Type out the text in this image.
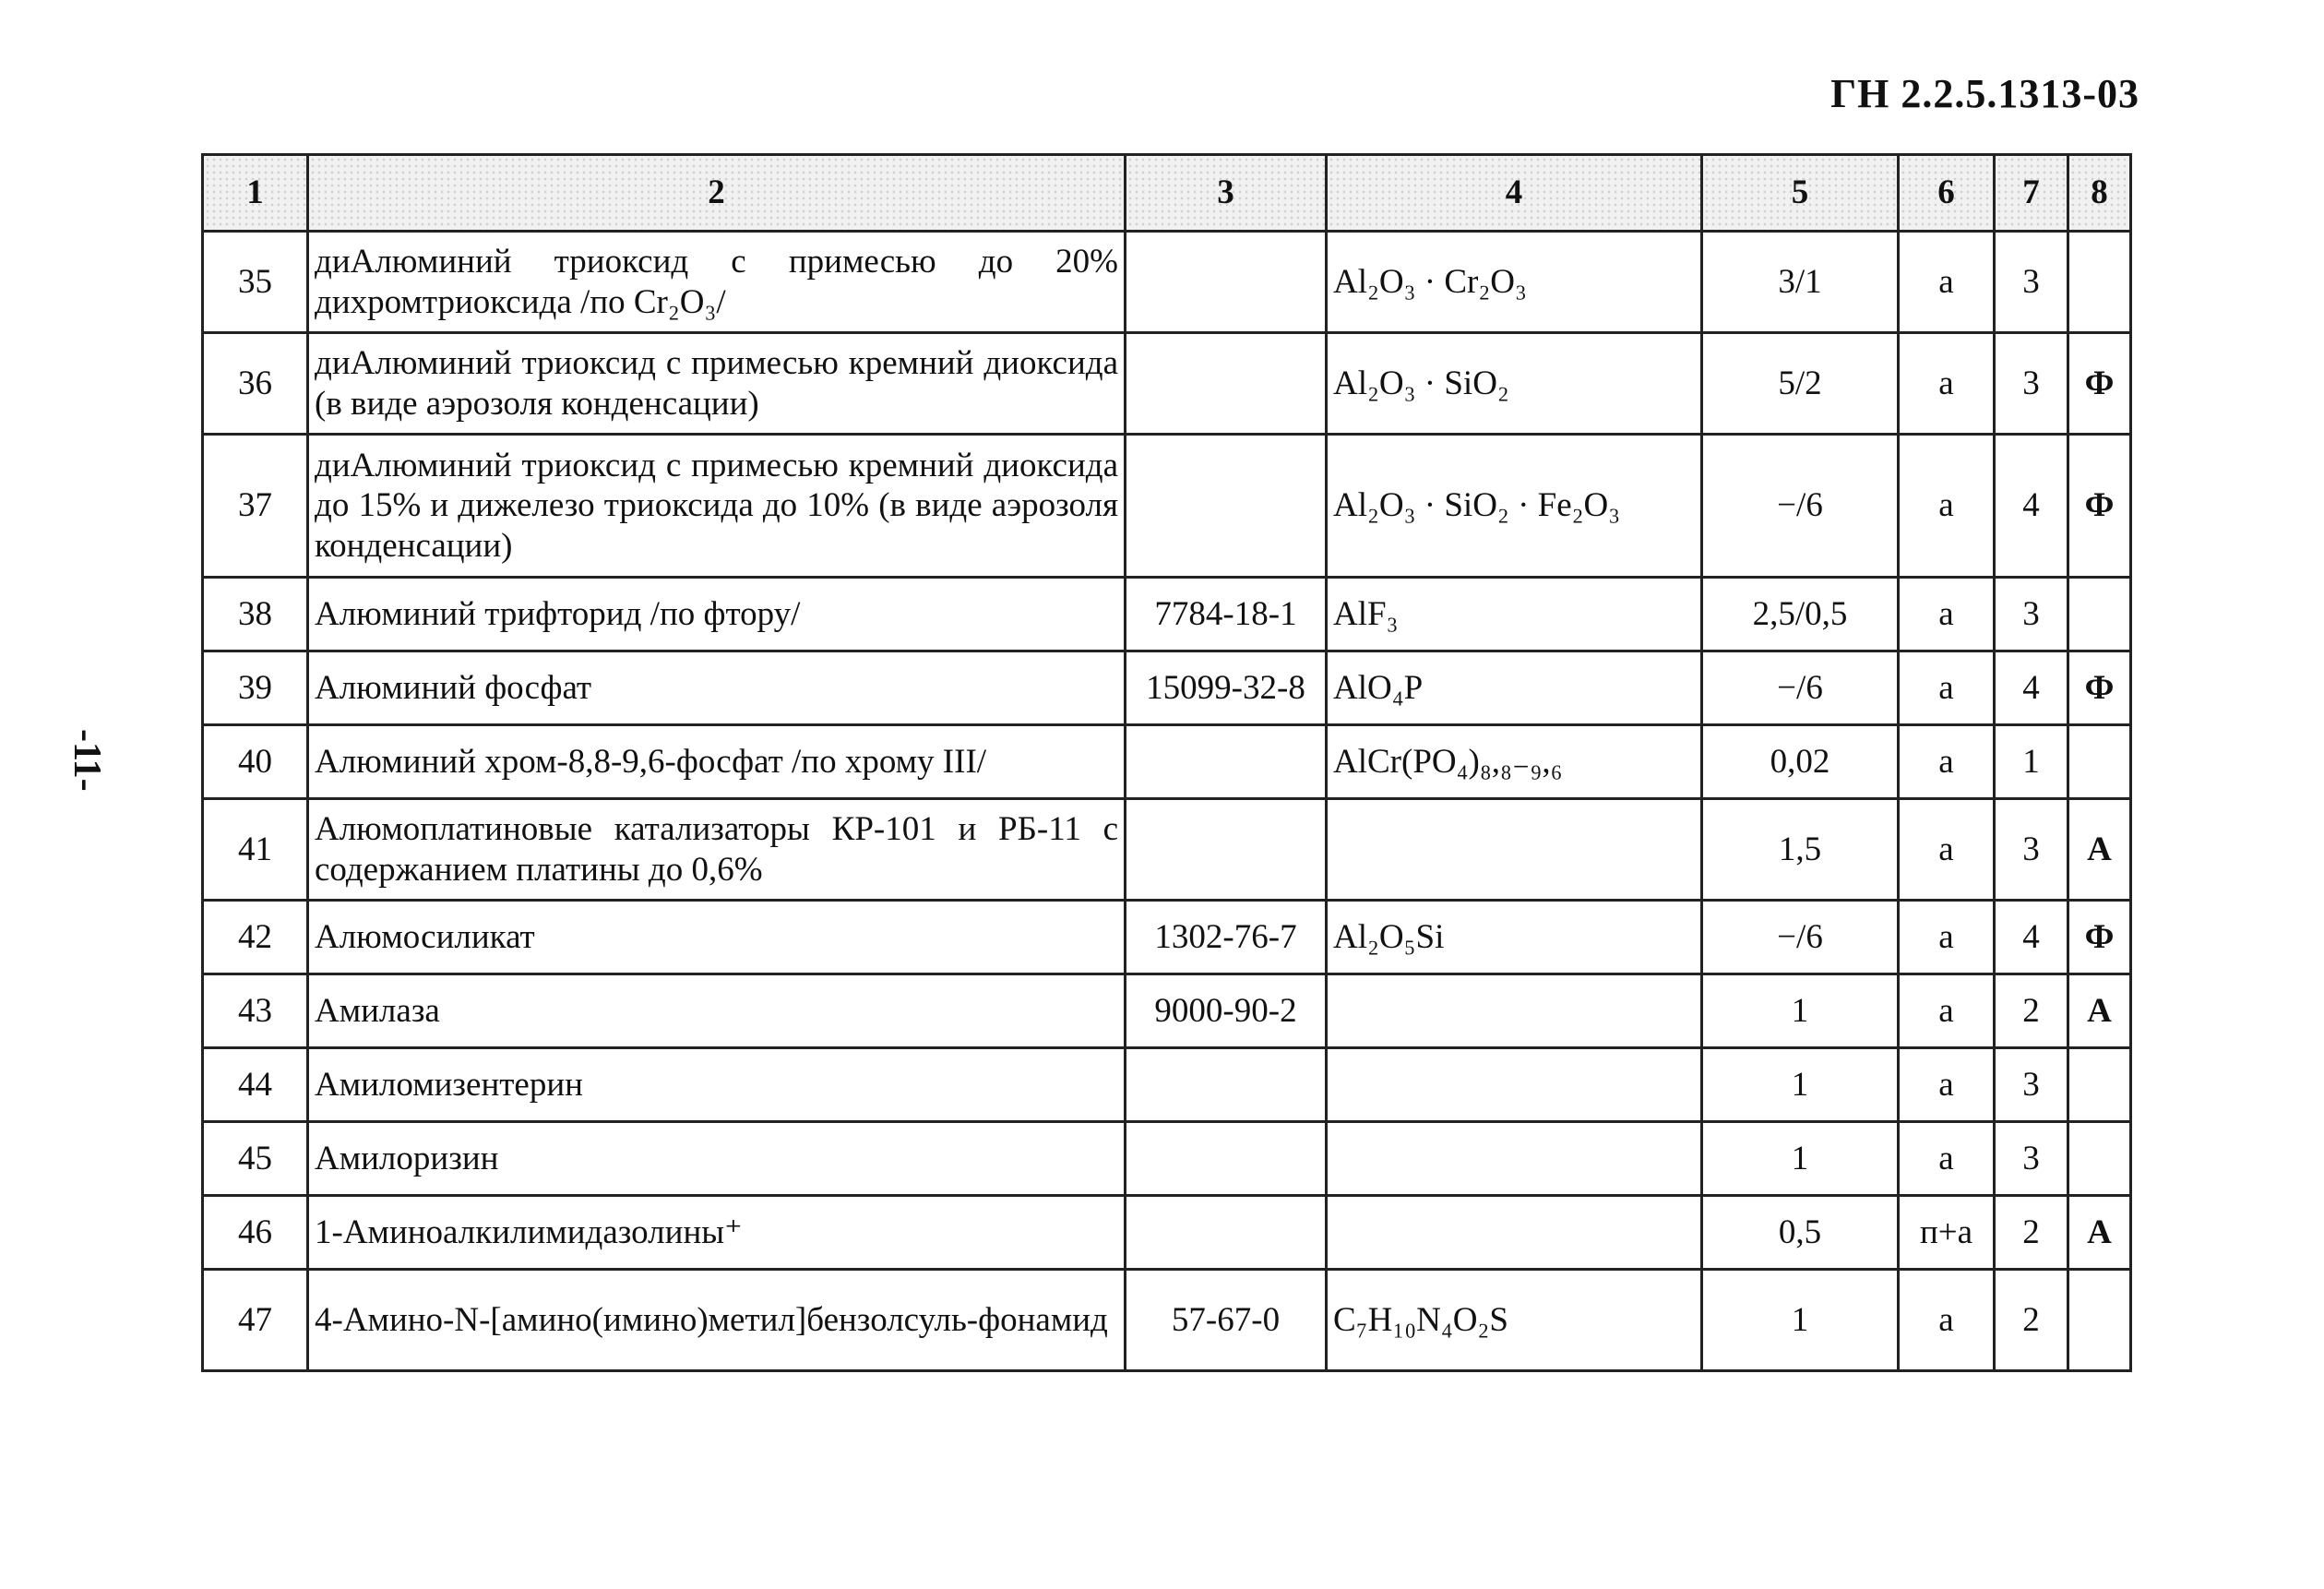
ГН 2.2.5.1313-03
-11-
1	2	3	4	5	6	7	8
35	диАлюминий триоксид с примесью до 20% дихромтриоксида /по Cr₂O₃/		Al₂O₃ · Cr₂O₃	3/1	а	3	
36	диАлюминий триоксид с примесью кремний диоксида (в виде аэрозоля конденсации)		Al₂O₃ · SiO₂	5/2	а	3	Ф
37	диАлюминий триоксид с примесью кремний диоксида до 15% и дижелезо триоксида до 10% (в виде аэрозоля конденсации)		Al₂O₃ · SiO₂ · Fe₂O₃	−/6	а	4	Ф
38	Алюминий трифторид /по фтору/	7784-18-1	AlF₃	2,5/0,5	а	3	
39	Алюминий фосфат	15099-32-8	AlO₄P	−/6	а	4	Ф
40	Алюминий хром-8,8-9,6-фосфат /по хрому III/		AlCr(PO₄)₈,₈₋₉,₆	0,02	а	1	
41	Алюмоплатиновые катализаторы КР-101 и РБ-11 с содержанием платины до 0,6%			1,5	а	3	А
42	Алюмосиликат	1302-76-7	Al₂O₅Si	−/6	а	4	Ф
43	Амилаза	9000-90-2		1	а	2	А
44	Амиломизентерин			1	а	3	
45	Амилоризин			1	а	3	
46	1-Аминоалкилимидазолины⁺			0,5	п+а	2	А
47	4-Амино-N-[амино(имино)метил]бензолсуль-фонамид	57-67-0	C₇H₁₀N₄O₂S	1	а	2	
